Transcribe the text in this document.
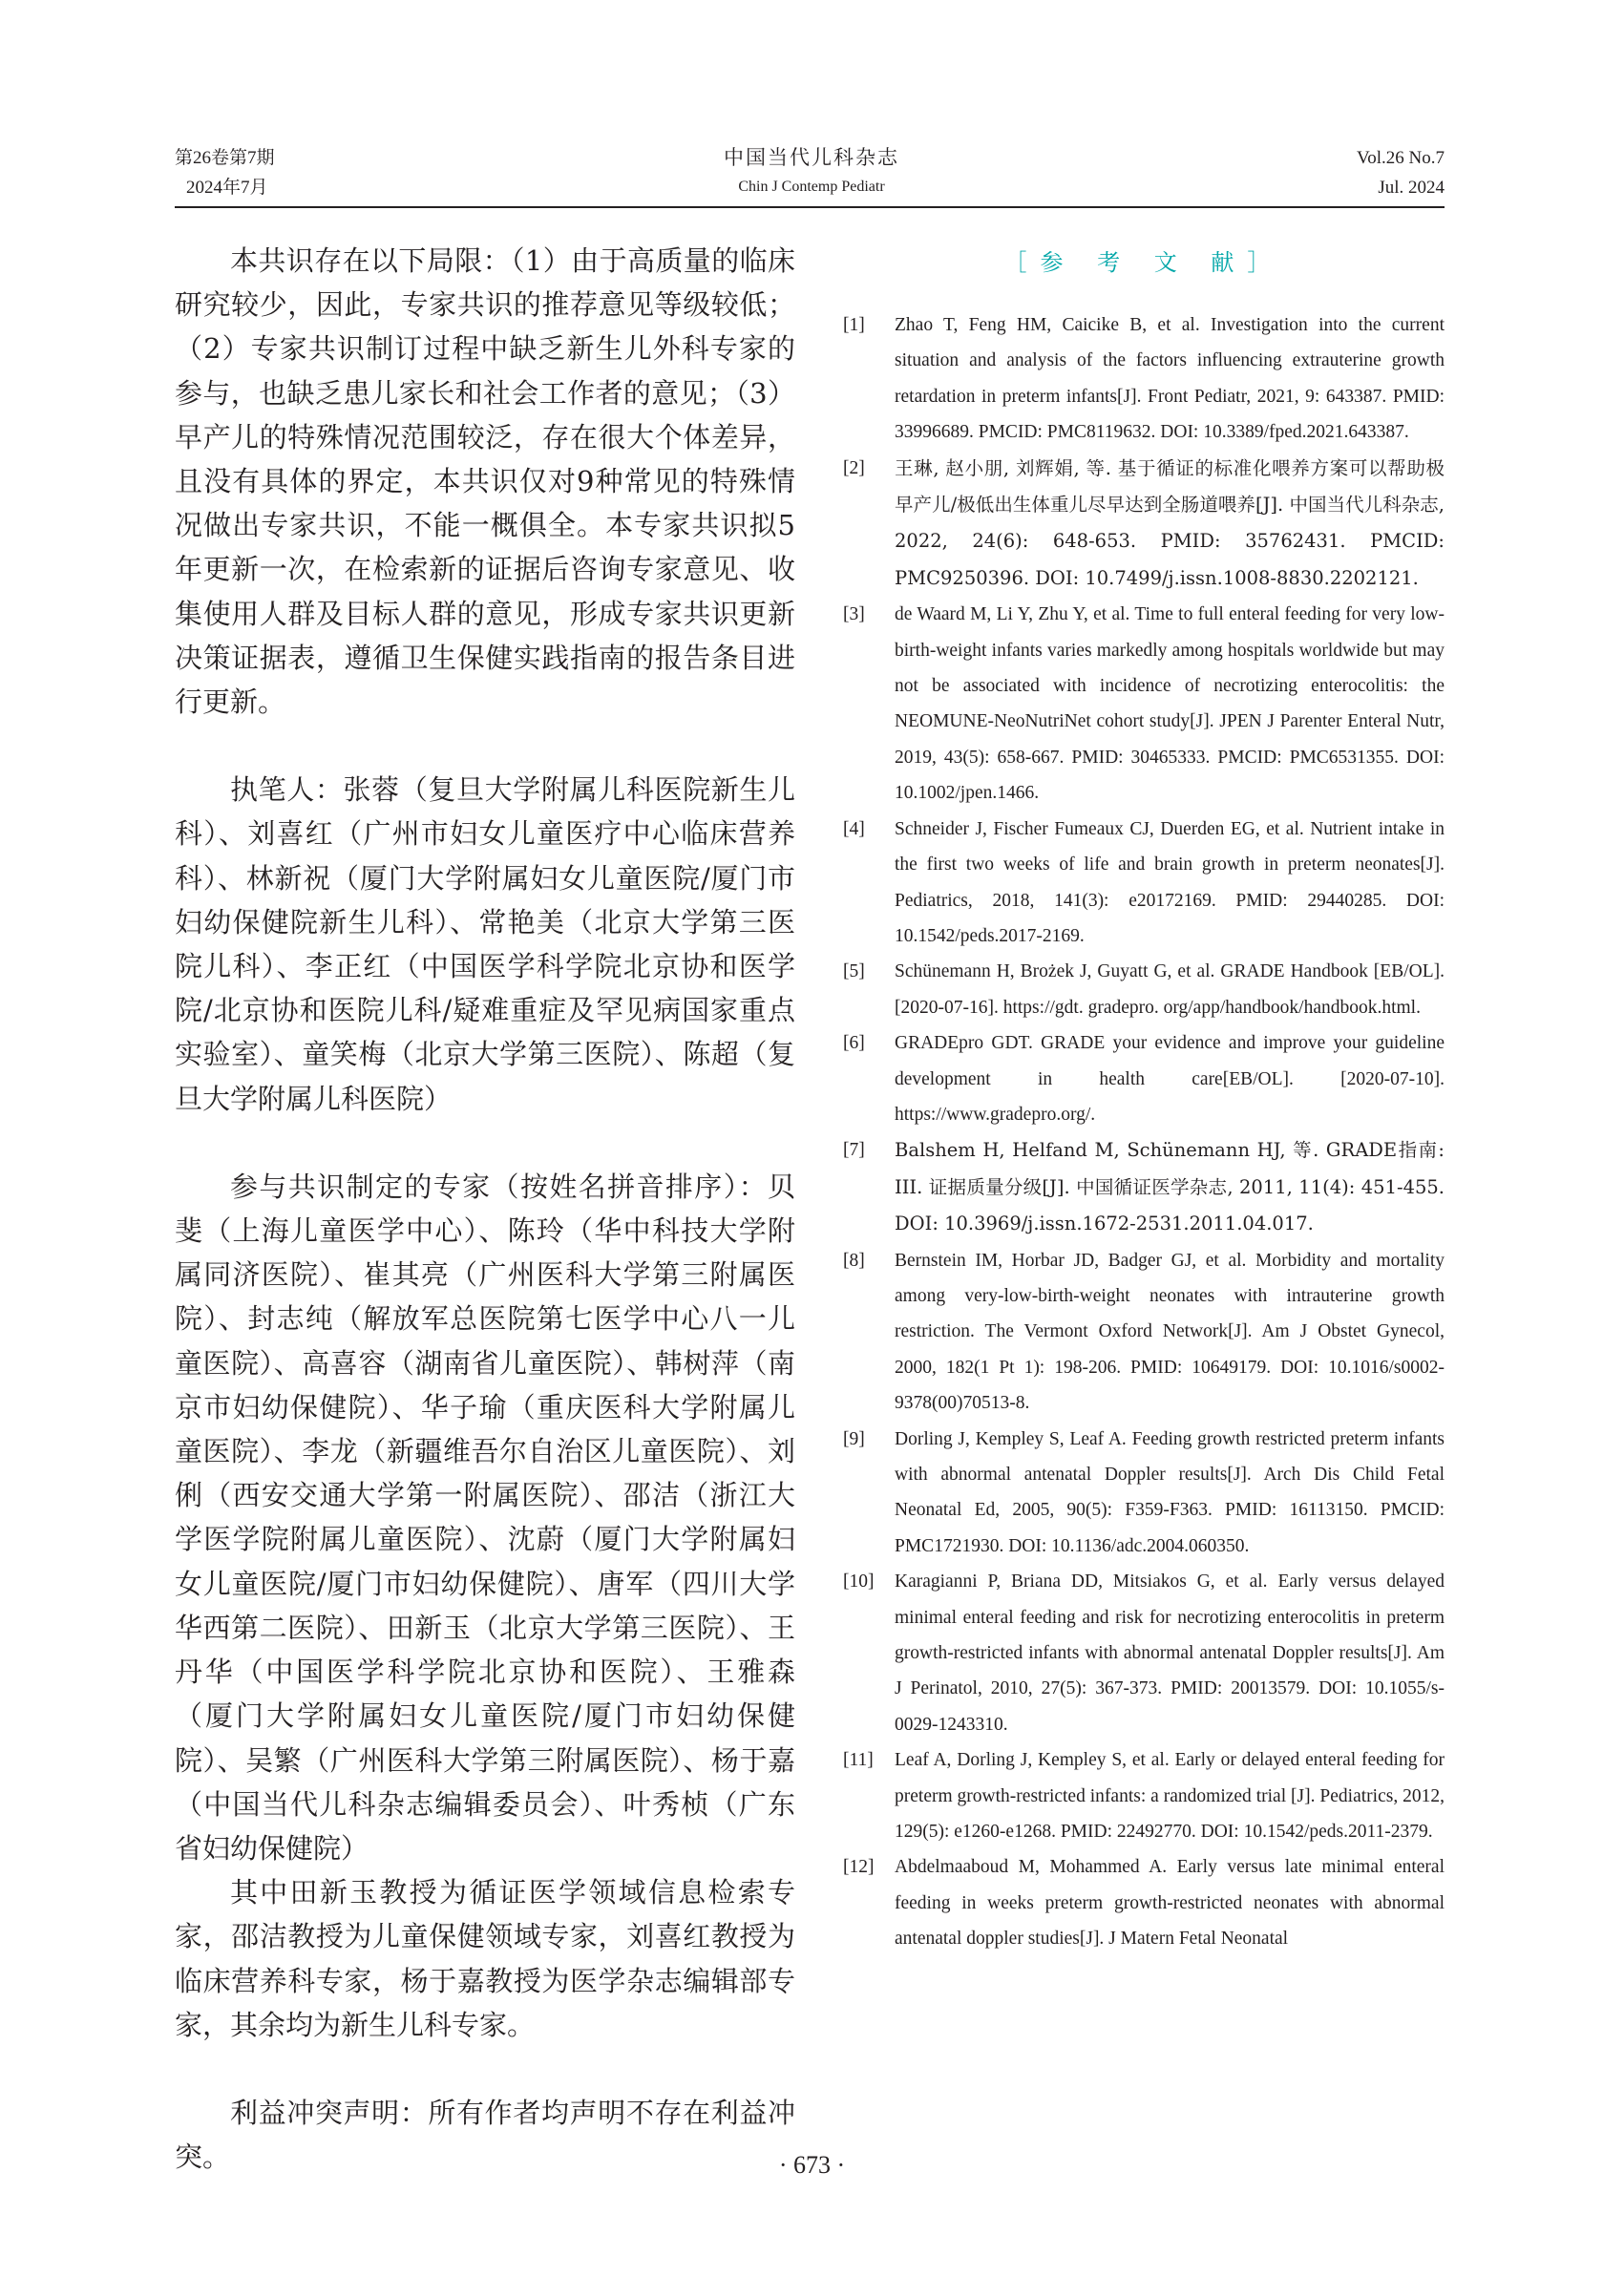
第26卷第7期
2024年7月
中国当代儿科杂志
Chin J Contemp Pediatr
Vol.26 No.7
Jul. 2024

本共识存在以下局限：（1）由于高质量的临床研究较少，因此，专家共识的推荐意见等级较低；（2）专家共识制订过程中缺乏新生儿外科专家的参与，也缺乏患儿家长和社会工作者的意见；（3）早产儿的特殊情况范围较泛，存在很大个体差异，且没有具体的界定，本共识仅对9种常见的特殊情况做出专家共识，不能一概俱全。本专家共识拟5年更新一次，在检索新的证据后咨询专家意见、收集使用人群及目标人群的意见，形成专家共识更新决策证据表，遵循卫生保健实践指南的报告条目进行更新。

执笔人：张蓉（复旦大学附属儿科医院新生儿科）、刘喜红（广州市妇女儿童医疗中心临床营养科）、林新祝（厦门大学附属妇女儿童医院/厦门市妇幼保健院新生儿科）、常艳美（北京大学第三医院儿科）、李正红（中国医学科学院北京协和医学院/北京协和医院儿科/疑难重症及罕见病国家重点实验室）、童笑梅（北京大学第三医院）、陈超（复旦大学附属儿科医院）

参与共识制定的专家（按姓名拼音排序）：贝斐（上海儿童医学中心）、陈玲（华中科技大学附属同济医院）、崔其亮（广州医科大学第三附属医院）、封志纯（解放军总医院第七医学中心八一儿童医院）、高喜容（湖南省儿童医院）、韩树萍（南京市妇幼保健院）、华子瑜（重庆医科大学附属儿童医院）、李龙（新疆维吾尔自治区儿童医院）、刘俐（西安交通大学第一附属医院）、邵洁（浙江大学医学院附属儿童医院）、沈蔚（厦门大学附属妇女儿童医院/厦门市妇幼保健院）、唐军（四川大学华西第二医院）、田新玉（北京大学第三医院）、王丹华（中国医学科学院北京协和医院）、王雅森（厦门大学附属妇女儿童医院/厦门市妇幼保健院）、吴繁（广州医科大学第三附属医院）、杨于嘉（中国当代儿科杂志编辑委员会）、叶秀桢（广东省妇幼保健院）

其中田新玉教授为循证医学领域信息检索专家，邵洁教授为儿童保健领域专家，刘喜红教授为临床营养科专家，杨于嘉教授为医学杂志编辑部专家，其余均为新生儿科专家。

利益冲突声明：所有作者均声明不存在利益冲突。

［参 考 文 献］
[1] Zhao T, Feng HM, Caicike B, et al. Investigation into the current situation and analysis of the factors influencing extrauterine growth retardation in preterm infants[J]. Front Pediatr, 2021, 9: 643387. PMID: 33996689. PMCID: PMC8119632. DOI: 10.3389/fped.2021.643387.
[2] 王琳, 赵小朋, 刘辉娟, 等. 基于循证的标准化喂养方案可以帮助极早产儿/极低出生体重儿尽早达到全肠道喂养[J]. 中国当代儿科杂志, 2022, 24(6): 648-653. PMID: 35762431. PMCID: PMC9250396. DOI: 10.7499/j.issn.1008-8830.2202121.
[3] de Waard M, Li Y, Zhu Y, et al. Time to full enteral feeding for very low-birth-weight infants varies markedly among hospitals worldwide but may not be associated with incidence of necrotizing enterocolitis: the NEOMUNE-NeoNutriNet cohort study[J]. JPEN J Parenter Enteral Nutr, 2019, 43(5): 658-667. PMID: 30465333. PMCID: PMC6531355. DOI: 10.1002/jpen.1466.
[4] Schneider J, Fischer Fumeaux CJ, Duerden EG, et al. Nutrient intake in the first two weeks of life and brain growth in preterm neonates[J]. Pediatrics, 2018, 141(3): e20172169. PMID: 29440285. DOI: 10.1542/peds.2017-2169.
[5] Schünemann H, Brożek J, Guyatt G, et al. GRADE Handbook [EB/OL]. [2020-07-16]. https://gdt. gradepro. org/app/handbook/handbook.html.
[6] GRADEpro GDT. GRADE your evidence and improve your guideline development in health care[EB/OL]. [2020-07-10]. https://www.gradepro.org/.
[7] Balshem H, Helfand M, Schünemann HJ, 等. GRADE指南: III. 证据质量分级[J]. 中国循证医学杂志, 2011, 11(4): 451-455. DOI: 10.3969/j.issn.1672-2531.2011.04.017.
[8] Bernstein IM, Horbar JD, Badger GJ, et al. Morbidity and mortality among very-low-birth-weight neonates with intrauterine growth restriction. The Vermont Oxford Network[J]. Am J Obstet Gynecol, 2000, 182(1 Pt 1): 198-206. PMID: 10649179. DOI: 10.1016/s0002-9378(00)70513-8.
[9] Dorling J, Kempley S, Leaf A. Feeding growth restricted preterm infants with abnormal antenatal Doppler results[J]. Arch Dis Child Fetal Neonatal Ed, 2005, 90(5): F359-F363. PMID: 16113150. PMCID: PMC1721930. DOI: 10.1136/adc.2004.060350.
[10] Karagianni P, Briana DD, Mitsiakos G, et al. Early versus delayed minimal enteral feeding and risk for necrotizing enterocolitis in preterm growth-restricted infants with abnormal antenatal Doppler results[J]. Am J Perinatol, 2010, 27(5): 367-373. PMID: 20013579. DOI: 10.1055/s-0029-1243310.
[11] Leaf A, Dorling J, Kempley S, et al. Early or delayed enteral feeding for preterm growth-restricted infants: a randomized trial [J]. Pediatrics, 2012, 129(5): e1260-e1268. PMID: 22492770. DOI: 10.1542/peds.2011-2379.
[12] Abdelmaaboud M, Mohammed A. Early versus late minimal enteral feeding in weeks preterm growth-restricted neonates with abnormal antenatal doppler studies[J]. J Matern Fetal Neonatal
· 673 ·
